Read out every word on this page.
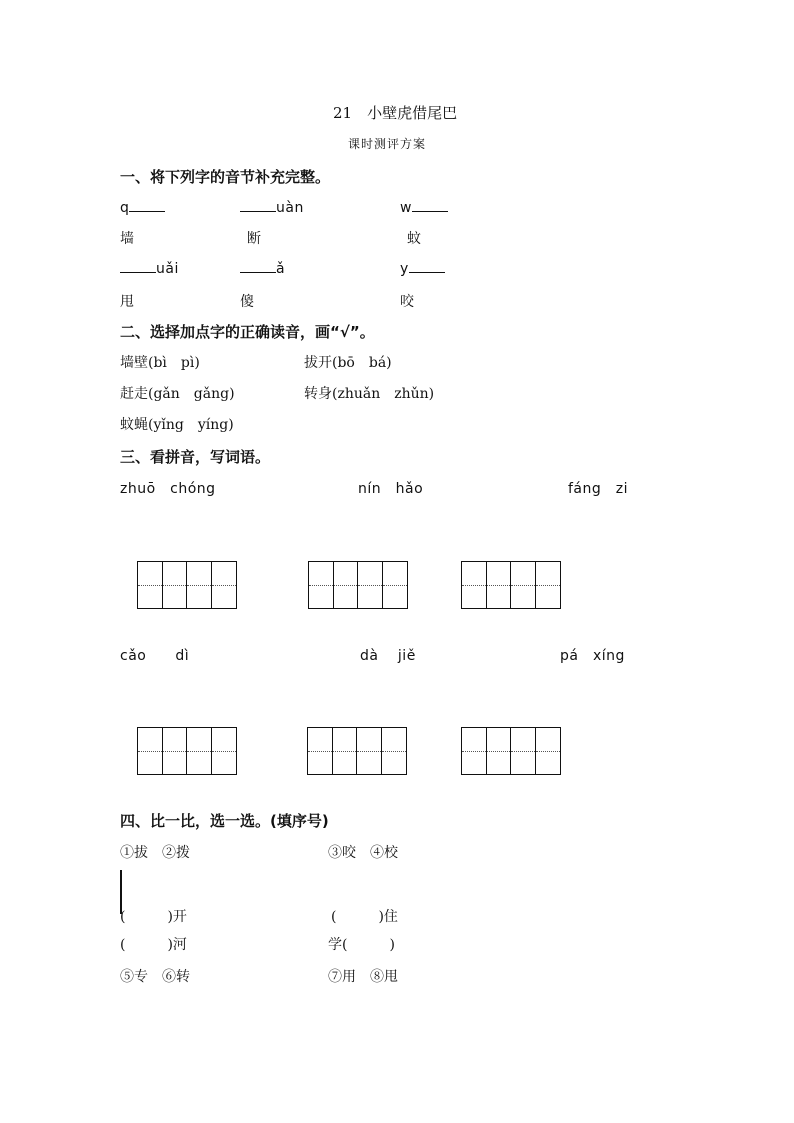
21　小壁虎借尾巴
课时测评方案
一、将下列字的音节补充完整。
q	uàn	w
墙	断	蚊
uǎi	ǎ	y
甩	傻	咬
二、选择加点字的正确读音，画“√”。
墙壁(bì　pì)	拔开(bō　bá)
赶走(gǎn　gǎng)	转身(zhuǎn　zhǔn)
蚊蝇(yǐng　yíng)
三、看拼音，写词语。
zhuō　chóng	nín　hǎo	fáng　zi
cǎo　　dì	dà　 jiě	pá　xíng
四、比一比，选一选。(填序号)
①拔　②拨	③咬　④校
(　　　)开	(　　　)住
(　　　)河	学(　　　)
⑤专　⑥转	⑦用　⑧甩
